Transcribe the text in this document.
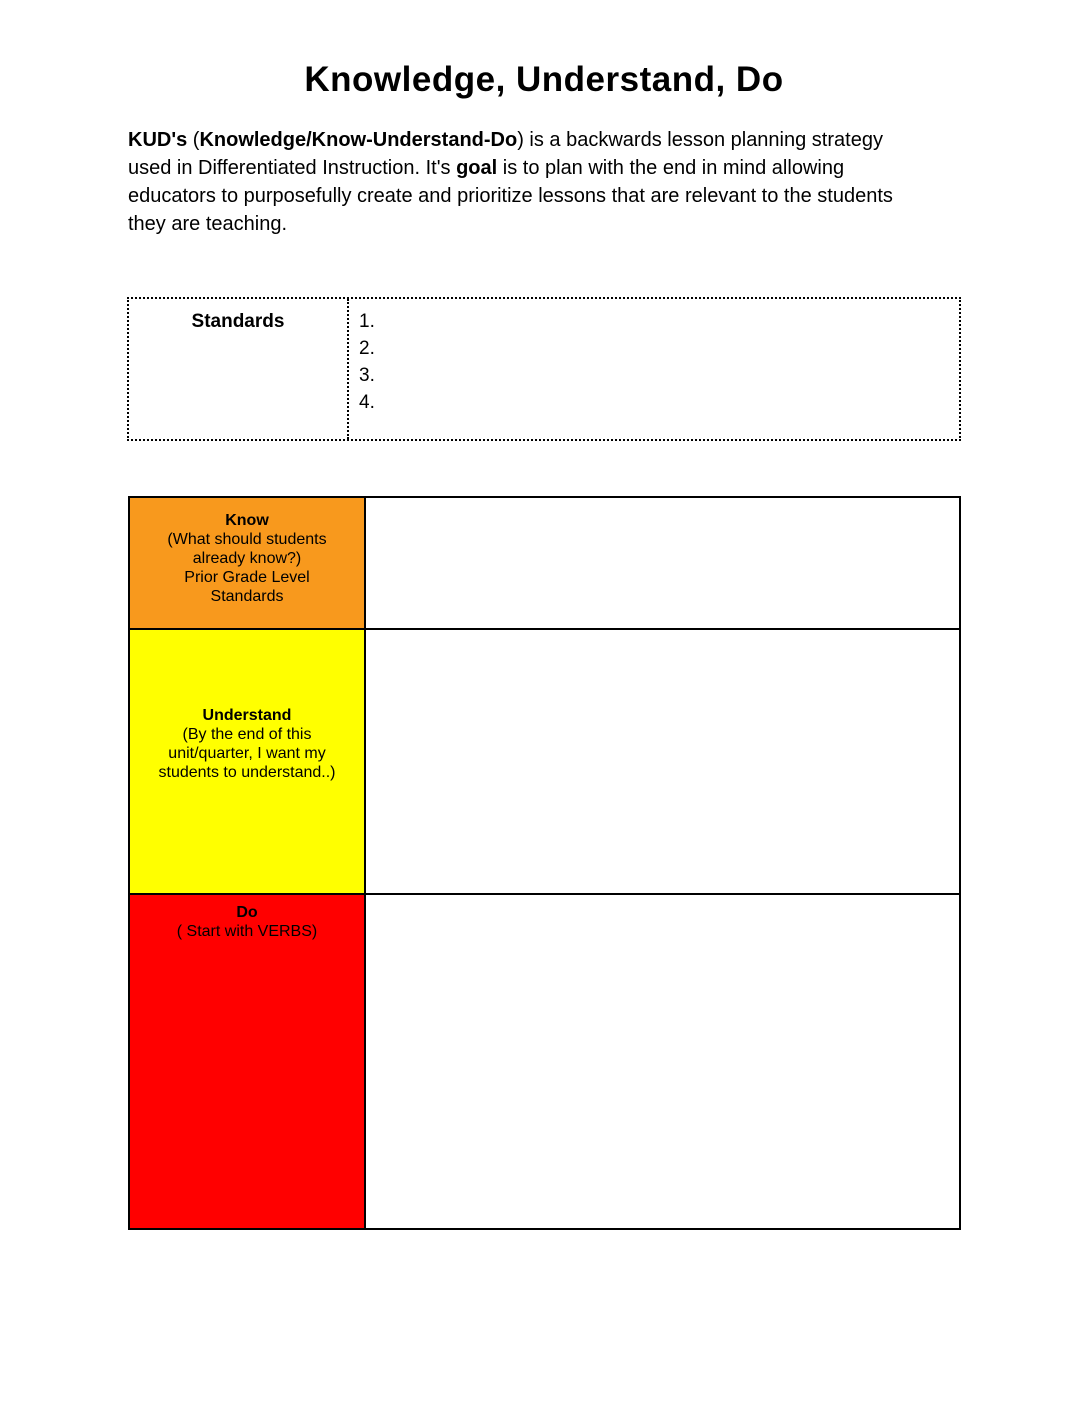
Knowledge, Understand, Do
KUD's (Knowledge/Know-Understand-Do) is a backwards lesson planning strategy
used in Differentiated Instruction. It's goal is to plan with the end in mind allowing
educators to purposefully create and prioritize lessons that are relevant to the students
they are teaching.
Standards	1.
2.
3.
4.
Know
(What should students already know?)
Prior Grade Level Standards
Understand
(By the end of this unit/quarter, I want my students to understand..)
Do
( Start with VERBS)
